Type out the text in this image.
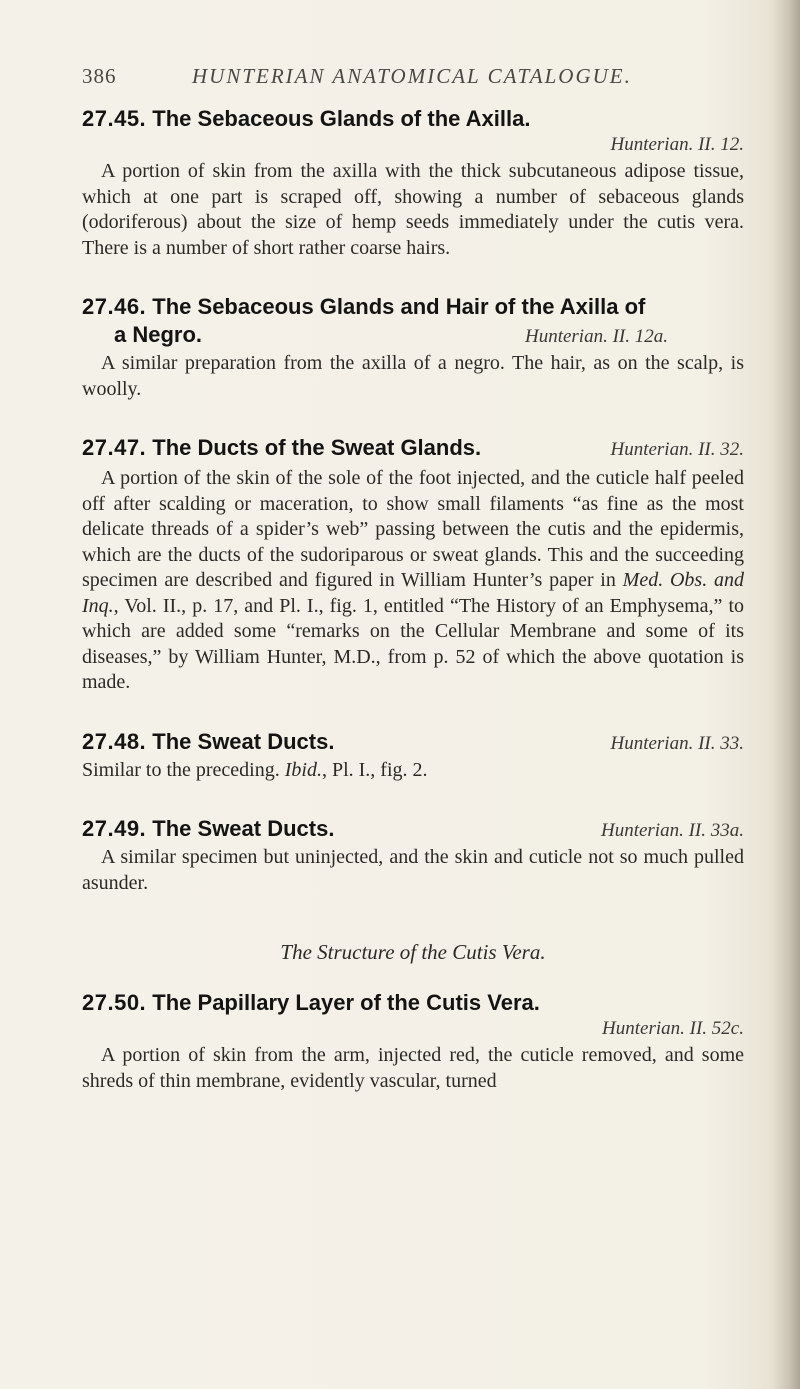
386	HUNTERIAN ANATOMICAL CATALOGUE.
27.45. The Sebaceous Glands of the Axilla.
Hunterian. II. 12.

A portion of skin from the axilla with the thick subcutaneous adipose tissue, which at one part is scraped off, showing a number of sebaceous glands (odoriferous) about the size of hemp seeds immediately under the cutis vera. There is a number of short rather coarse hairs.

27.46. The Sebaceous Glands and Hair of the Axilla of
a Negro.	Hunterian. II. 12a.

A similar preparation from the axilla of a negro. The hair, as on the scalp, is woolly.

27.47. The Ducts of the Sweat Glands.	Hunterian. II. 32.

A portion of the skin of the sole of the foot injected, and the cuticle half peeled off after scalding or maceration, to show small filaments “as fine as the most delicate threads of a spider’s web” passing between the cutis and the epidermis, which are the ducts of the sudoriparous or sweat glands. This and the succeeding specimen are described and figured in William Hunter’s paper in Med. Obs. and Inq., Vol. II., p. 17, and Pl. I., fig. 1, entitled “The History of an Emphysema,” to which are added some “remarks on the Cellular Membrane and some of its diseases,” by William Hunter, M.D., from p. 52 of which the above quotation is made.

27.48. The Sweat Ducts.	Hunterian. II. 33.

Similar to the preceding. Ibid., Pl. I., fig. 2.

27.49. The Sweat Ducts.	Hunterian. II. 33a.

A similar specimen but uninjected, and the skin and cuticle not so much pulled asunder.

The Structure of the Cutis Vera.
27.50. The Papillary Layer of the Cutis Vera.
Hunterian. II. 52c.

A portion of skin from the arm, injected red, the cuticle removed, and some shreds of thin membrane, evidently vascular, turned
